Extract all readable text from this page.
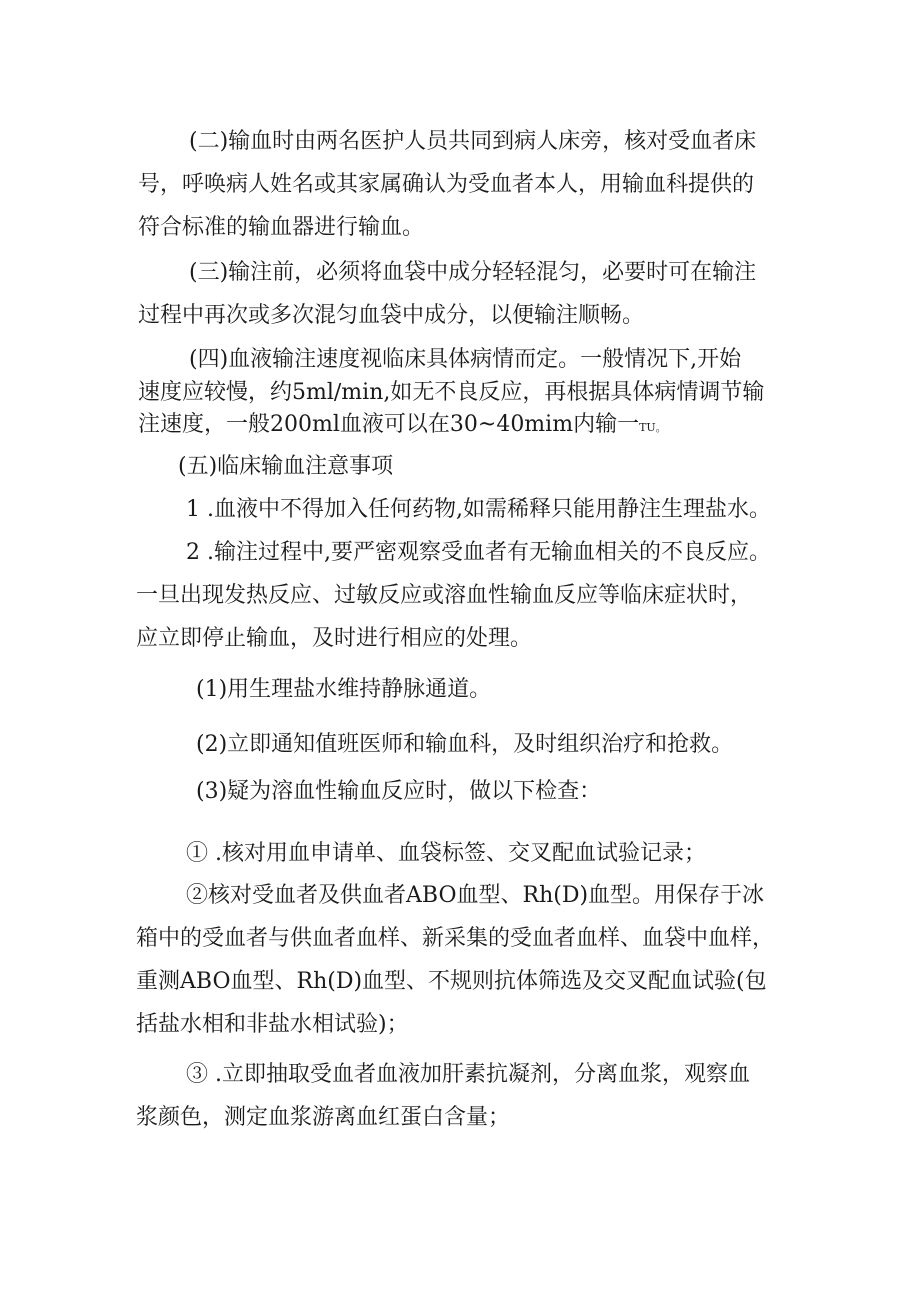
(二)输血时由两名医护人员共同到病人床旁，核对受血者床
号，呼唤病人姓名或其家属确认为受血者本人，用输血科提供的
符合标准的输血器进行输血。
(三)输注前，必须将血袋中成分轻轻混匀，必要时可在输注
过程中再次或多次混匀血袋中成分，以便输注顺畅。
(四)血液输注速度视临床具体病情而定。一般情况下,开始
速度应较慢，约5ml∕min,如无不良反应，再根据具体病情调节输
注速度，一般200ml血液可以在30~40mim内输一TU。
(五)临床输血注意事项
1 .血液中不得加入任何药物,如需稀释只能用静注生理盐水。
2 .输注过程中,要严密观察受血者有无输血相关的不良反应。
一旦出现发热反应、过敏反应或溶血性输血反应等临床症状时，
应立即停止输血，及时进行相应的处理。
(1)用生理盐水维持静脉通道。
(2)立即通知值班医师和输血科，及时组织治疗和抢救。
(3)疑为溶血性输血反应时，做以下检查：
① .核对用血申请单、血袋标签、交叉配血试验记录；
②核对受血者及供血者ABO血型、Rh(D)血型。用保存于冰
箱中的受血者与供血者血样、新采集的受血者血样、血袋中血样，
重测ABO血型、Rh(D)血型、不规则抗体筛选及交叉配血试验(包
括盐水相和非盐水相试验)；
③ .立即抽取受血者血液加肝素抗凝剂，分离血浆，观察血
浆颜色，测定血浆游离血红蛋白含量；
